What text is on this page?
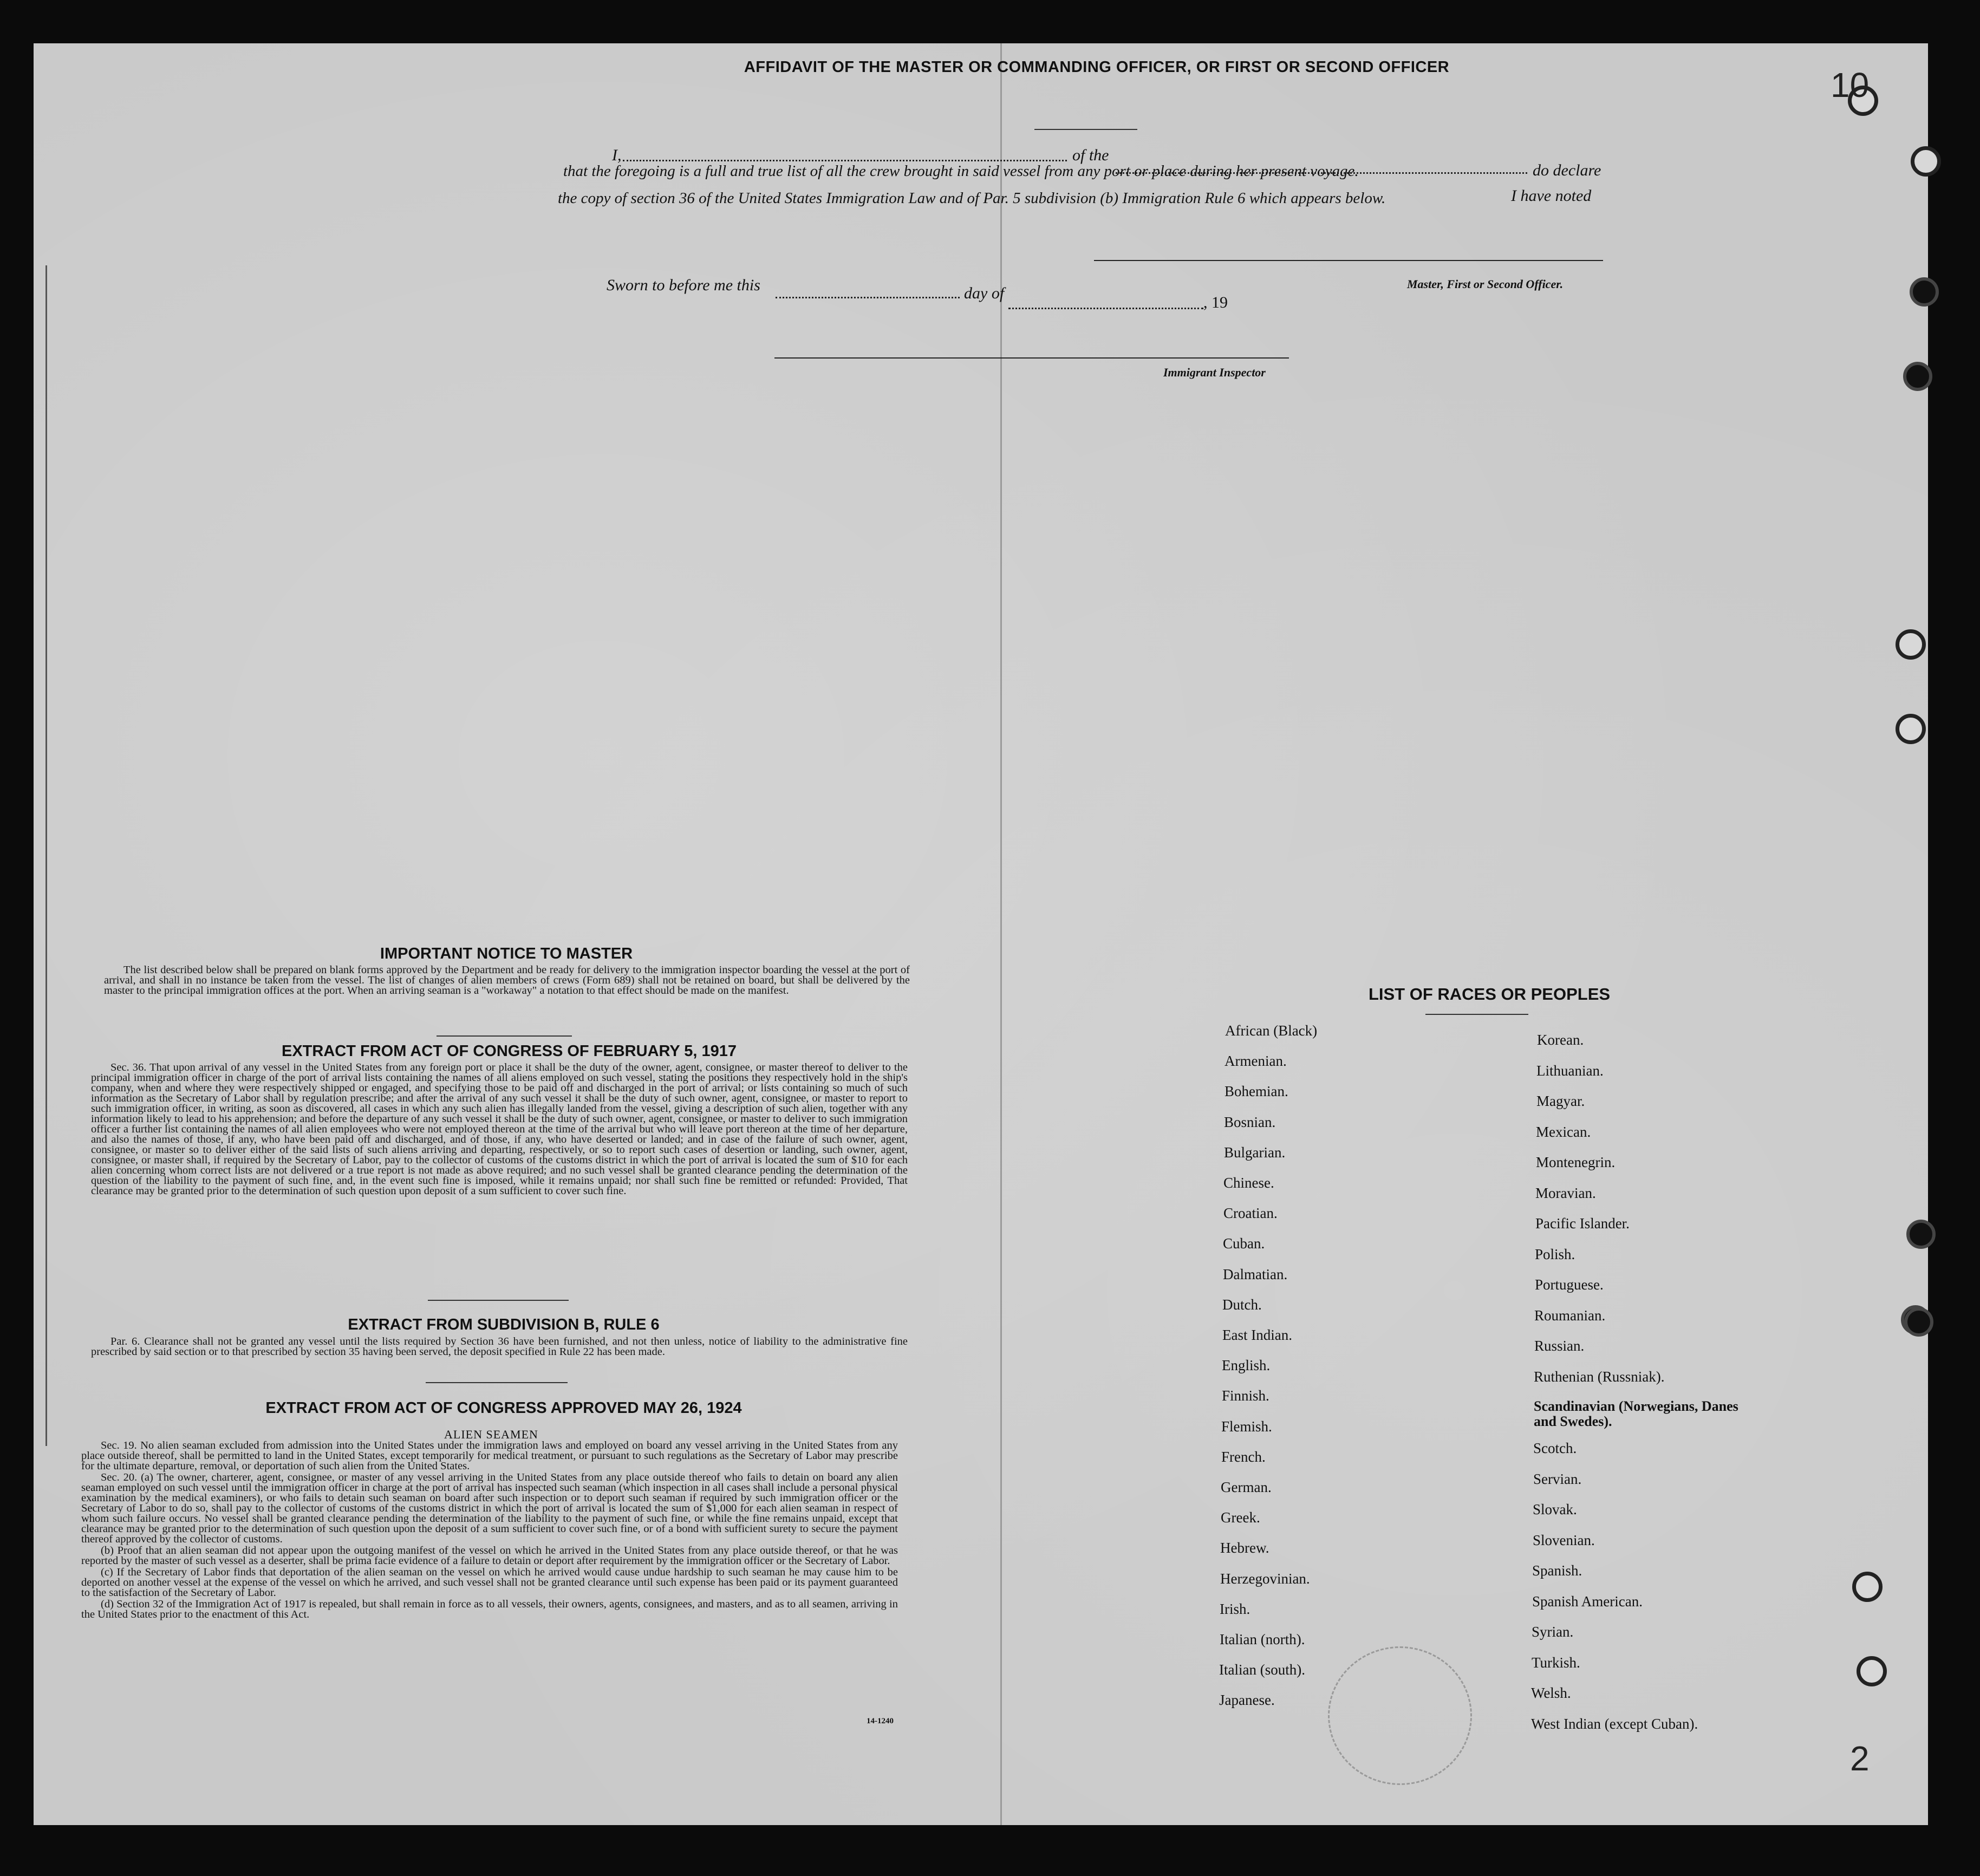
10
2
AFFIDAVIT OF THE MASTER OR COMMANDING OFFICER, OR FIRST OR SECOND OFFICER
I,	of the
do declare
that the foregoing is a full and true list of all the crew brought in said vessel from any port or place during her present voyage.
I have noted
the copy of section 36 of the United States Immigration Law and of Par. 5 subdivision (b) Immigration Rule 6 which appears below.
Master, First or Second Officer.
Sworn to before me this	day of
, 19
Immigrant Inspector
IMPORTANT NOTICE TO MASTER

The list described below shall be prepared on blank forms approved by the Department and be ready for delivery to the immigration inspector boarding the vessel at the port of arrival, and shall in no instance be taken from the vessel. The list of changes of alien members of crews (Form 689) shall not be retained on board, but shall be delivered by the master to the principal immigration offices at the port. When an arriving seaman is a "workaway" a notation to that effect should be made on the manifest.

EXTRACT FROM ACT OF CONGRESS OF FEBRUARY 5, 1917

Sec. 36. That upon arrival of any vessel in the United States from any foreign port or place it shall be the duty of the owner, agent, consignee, or master thereof to deliver to the principal immigration officer in charge of the port of arrival lists containing the names of all aliens employed on such vessel, stating the positions they respectively hold in the ship's company, when and where they were respectively shipped or engaged, and specifying those to be paid off and discharged in the port of arrival; or lists containing so much of such information as the Secretary of Labor shall by regulation prescribe; and after the arrival of any such vessel it shall be the duty of such owner, agent, consignee, or master to report to such immigration officer, in writing, as soon as discovered, all cases in which any such alien has illegally landed from the vessel, giving a description of such alien, together with any information likely to lead to his apprehension; and before the departure of any such vessel it shall be the duty of such owner, agent, consignee, or master to deliver to such immigration officer a further list containing the names of all alien employees who were not employed thereon at the time of the arrival but who will leave port thereon at the time of her departure, and also the names of those, if any, who have been paid off and discharged, and of those, if any, who have deserted or landed; and in case of the failure of such owner, agent, consignee, or master so to deliver either of the said lists of such aliens arriving and departing, respectively, or so to report such cases of desertion or landing, such owner, agent, consignee, or master shall, if required by the Secretary of Labor, pay to the collector of customs of the customs district in which the port of arrival is located the sum of $10 for each alien concerning whom correct lists are not delivered or a true report is not made as above required; and no such vessel shall be granted clearance pending the determination of the question of the liability to the payment of such fine, and, in the event such fine is imposed, while it remains unpaid; nor shall such fine be remitted or refunded: Provided, That clearance may be granted prior to the determination of such question upon deposit of a sum sufficient to cover such fine.

EXTRACT FROM SUBDIVISION B, RULE 6

Par. 6. Clearance shall not be granted any vessel until the lists required by Section 36 have been furnished, and not then unless, notice of liability to the administrative fine prescribed by said section or to that prescribed by section 35 having been served, the deposit specified in Rule 22 has been made.

EXTRACT FROM ACT OF CONGRESS APPROVED MAY 26, 1924
ALIEN SEAMEN

Sec. 19. No alien seaman excluded from admission into the United States under the immigration laws and employed on board any vessel arriving in the United States from any place outside thereof, shall be permitted to land in the United States, except temporarily for medical treatment, or pursuant to such regulations as the Secretary of Labor may prescribe for the ultimate departure, removal, or deportation of such alien from the United States.

Sec. 20. (a) The owner, charterer, agent, consignee, or master of any vessel arriving in the United States from any place outside thereof who fails to detain on board any alien seaman employed on such vessel until the immigration officer in charge at the port of arrival has inspected such seaman (which inspection in all cases shall include a personal physical examination by the medical examiners), or who fails to detain such seaman on board after such inspection or to deport such seaman if required by such immigration officer or the Secretary of Labor to do so, shall pay to the collector of customs of the customs district in which the port of arrival is located the sum of $1,000 for each alien seaman in respect of whom such failure occurs. No vessel shall be granted clearance pending the determination of the liability to the payment of such fine, or while the fine remains unpaid, except that clearance may be granted prior to the determination of such question upon the deposit of a sum sufficient to cover such fine, or of a bond with sufficient surety to secure the payment thereof approved by the collector of customs.

(b) Proof that an alien seaman did not appear upon the outgoing manifest of the vessel on which he arrived in the United States from any place outside thereof, or that he was reported by the master of such vessel as a deserter, shall be prima facie evidence of a failure to detain or deport after requirement by the immigration officer or the Secretary of Labor.

(c) If the Secretary of Labor finds that deportation of the alien seaman on the vessel on which he arrived would cause undue hardship to such seaman he may cause him to be deported on another vessel at the expense of the vessel on which he arrived, and such vessel shall not be granted clearance until such expense has been paid or its payment guaranteed to the satisfaction of the Secretary of Labor.

(d) Section 32 of the Immigration Act of 1917 is repealed, but shall remain in force as to all vessels, their owners, agents, consignees, and masters, and as to all seamen, arriving in the United States prior to the enactment of this Act.

14-1240
LIST OF RACES OR PEOPLES
African (Black)
Armenian.
Bohemian.
Bosnian.
Bulgarian.
Chinese.
Croatian.
Cuban.
Dalmatian.
Dutch.
East Indian.
English.
Finnish.
Flemish.
French.
German.
Greek.
Hebrew.
Herzegovinian.
Irish.
Italian (north).
Italian (south).
Japanese.
Korean.
Lithuanian.
Magyar.
Mexican.
Montenegrin.
Moravian.
Pacific Islander.
Polish.
Portuguese.
Roumanian.
Russian.
Ruthenian (Russniak).
Scandinavian (Norwegians, Danes and Swedes).
Scotch.
Servian.
Slovak.
Slovenian.
Spanish.
Spanish American.
Syrian.
Turkish.
Welsh.
West Indian (except Cuban).
